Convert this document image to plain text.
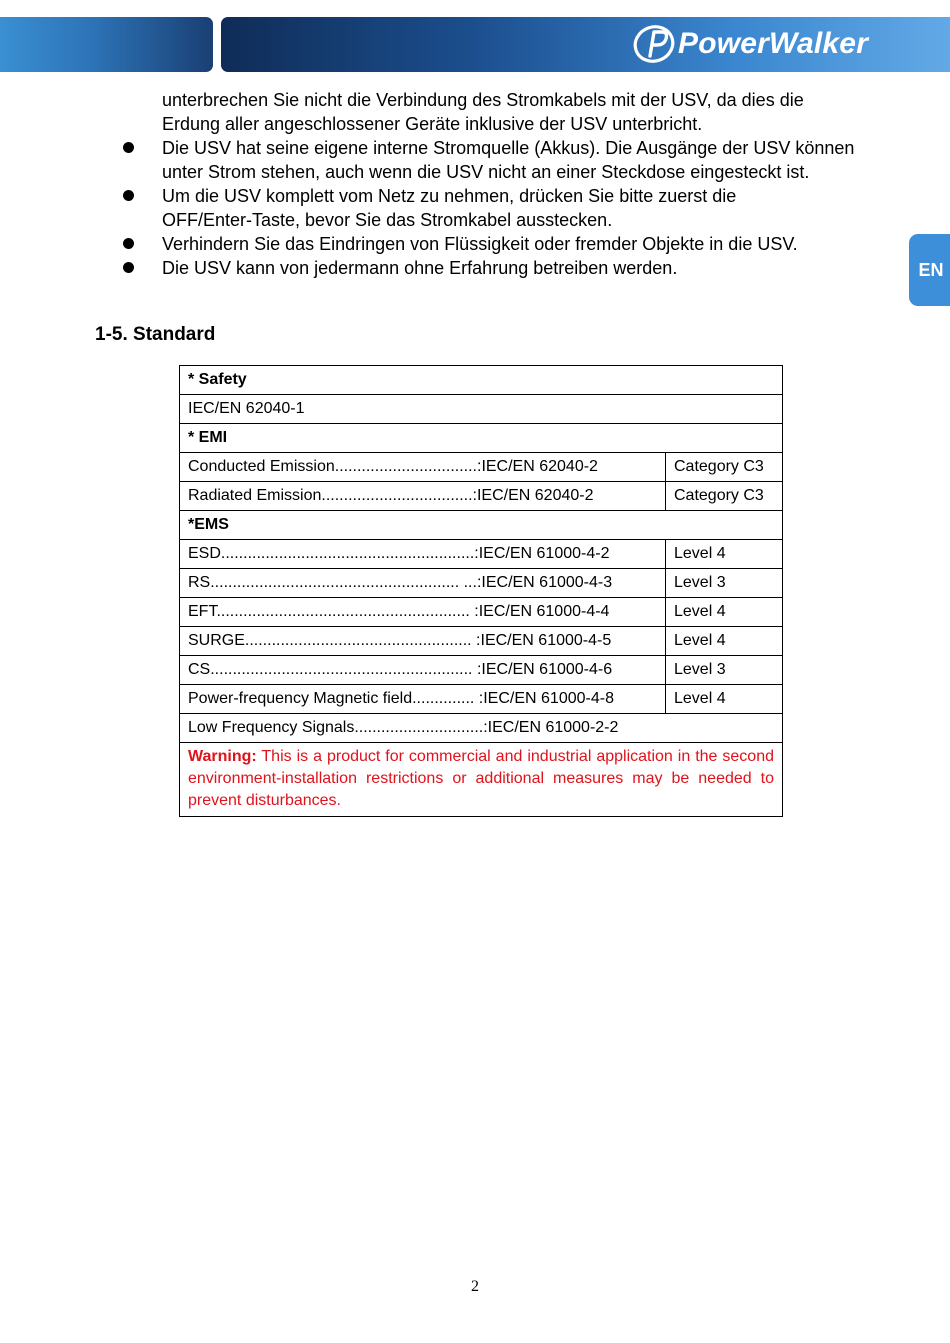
PowerWalker
EN
unterbrechen Sie nicht die Verbindung des Stromkabels mit der USV, da dies die
Erdung aller angeschlossener Geräte inklusive der USV unterbricht.
Die USV hat seine eigene interne Stromquelle (Akkus). Die Ausgänge der USV können
unter Strom stehen, auch wenn die USV nicht an einer Steckdose eingesteckt ist.
Um die USV komplett vom Netz zu nehmen, drücken Sie bitte zuerst die
OFF/Enter-Taste, bevor Sie das Stromkabel ausstecken.
Verhindern Sie das Eindringen von Flüssigkeit oder fremder Objekte in die USV.
Die USV kann von jedermann ohne Erfahrung betreiben werden.
1-5. Standard
* Safety	
IEC/EN 62040-1	
* EMI	
Conducted Emission................................:IEC/EN 62040-2	Category C3
Radiated Emission..................................:IEC/EN 62040-2	Category C3
*EMS	
ESD.........................................................:IEC/EN 61000-4-2	Level 4
RS........................................................ ...:IEC/EN 61000-4-3	Level 3
EFT......................................................... :IEC/EN 61000-4-4	Level 4
SURGE................................................... :IEC/EN 61000-4-5	Level 4
CS........................................................... :IEC/EN 61000-4-6	Level 3
Power-frequency Magnetic field.............. :IEC/EN 61000-4-8	Level 4
Low Frequency Signals.............................:IEC/EN 61000-2-2	
Warning: This is a product for commercial and industrial application in the second environment-installation restrictions or additional measures may be needed to prevent disturbances.	
2
